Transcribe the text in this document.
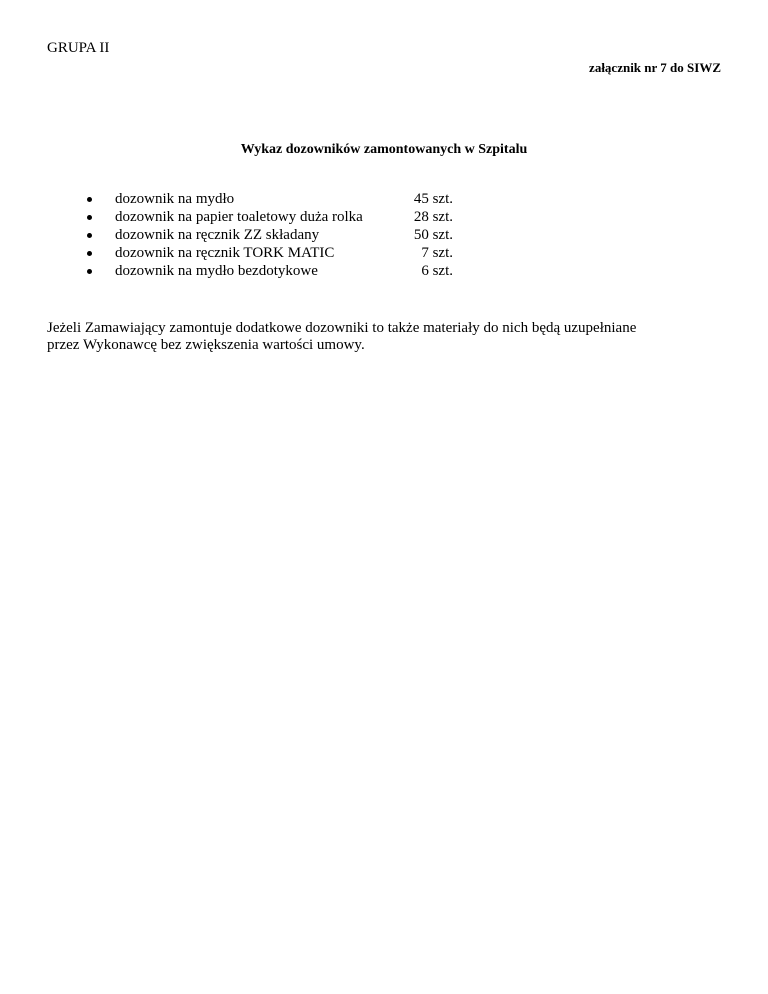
GRUPA II
załącznik nr 7 do SIWZ
Wykaz dozowników zamontowanych w Szpitalu
dozownik na mydło	45 szt.
dozownik na papier toaletowy duża rolka	28 szt.
dozownik na ręcznik ZZ składany	50 szt.
dozownik na ręcznik TORK MATIC	7 szt.
dozownik na mydło bezdotykowe	6 szt.
Jeżeli Zamawiający zamontuje dodatkowe dozowniki to także materiały do nich będą uzupełniane
przez Wykonawcę bez zwiększenia wartości umowy.
